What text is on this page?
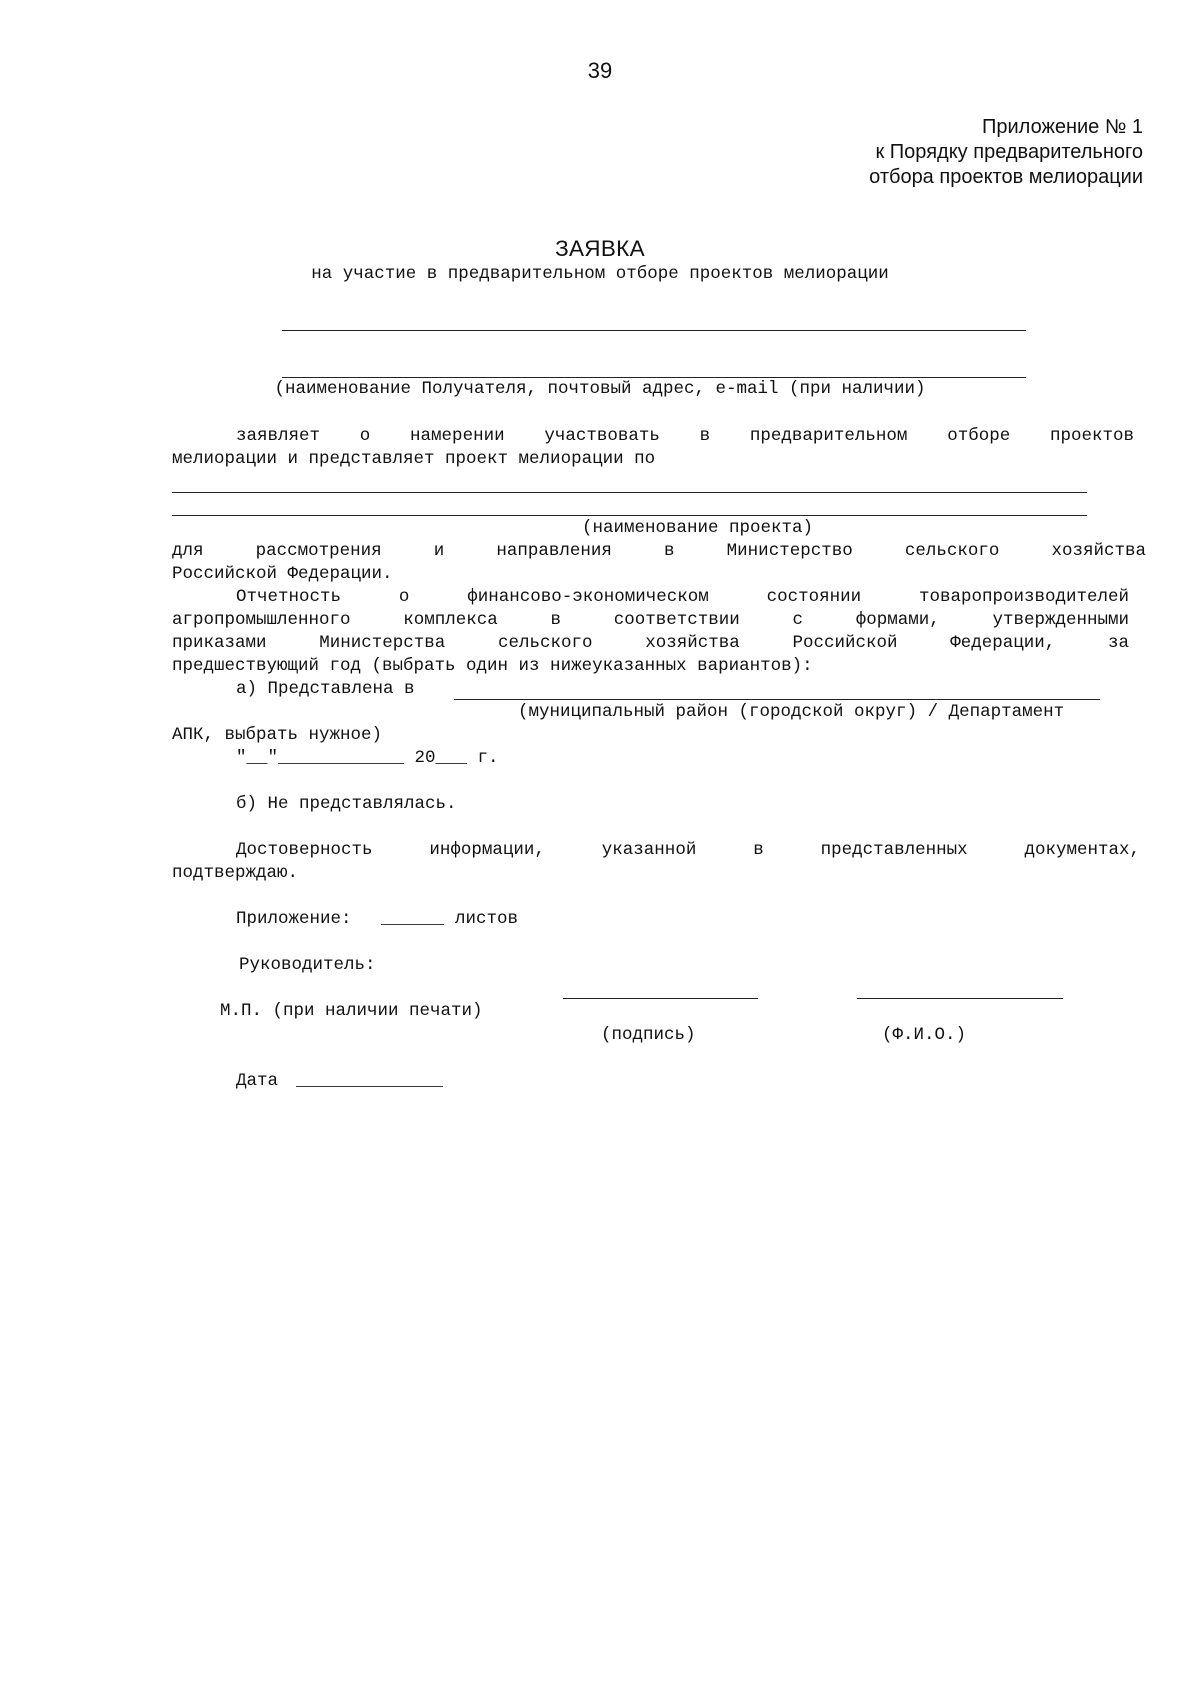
39
Приложение № 1
к Порядку предварительного
отбора проектов мелиорации
ЗАЯВКА
на участие в предварительном отборе проектов мелиорации
(наименование Получателя, почтовый адрес, e-mail (при наличии)
заявляет о намерении участвовать в предварительном отборе проектов
мелиорации и представляет проект мелиорации по
(наименование проекта)
для рассмотрения и направления в Министерство сельского хозяйства
Российской Федерации.
Отчетность о финансово-экономическом состоянии товаропроизводителей
агропромышленного комплекса в соответствии с формами, утвержденными
приказами Министерства сельского хозяйства Российской Федерации, за
предшествующий год (выбрать один из нижеуказанных вариантов):
а) Представлена в
(муниципальный район (городской округ) / Департамент
АПК, выбрать нужное)
"__"____________ 20___ г.
б) Не представлялась.
Достоверность информации, указанной в представленных документах,
подтверждаю.
Приложение: ______ листов
Руководитель:
М.П. (при наличии печати)
(подпись)	(Ф.И.О.)
Дата ______________
